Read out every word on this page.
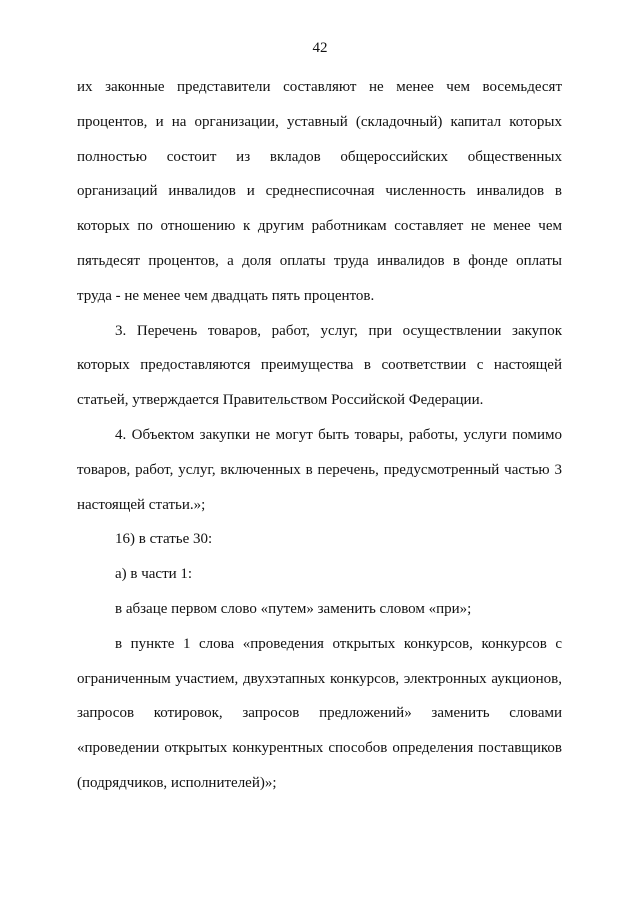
42
их законные представители составляют не менее чем восемьдесят
процентов, и на организации, уставный (складочный) капитал которых
полностью состоит из вкладов общероссийских общественных
организаций инвалидов и среднесписочная численность инвалидов в
которых по отношению к другим работникам составляет не менее чем
пятьдесят процентов, а доля оплаты труда инвалидов в фонде оплаты
труда - не менее чем двадцать пять процентов.
3. Перечень товаров, работ, услуг, при осуществлении закупок
которых предоставляются преимущества в соответствии с настоящей
статьей, утверждается Правительством Российской Федерации.
4. Объектом закупки не могут быть товары, работы, услуги помимо
товаров, работ, услуг, включенных в перечень, предусмотренный частью 3
настоящей статьи.»;
16) в статье 30:
а) в части 1:
в абзаце первом слово «путем» заменить словом «при»;
в пункте 1 слова «проведения открытых конкурсов, конкурсов с
ограниченным участием, двухэтапных конкурсов, электронных аукционов,
запросов котировок, запросов предложений» заменить словами
«проведении открытых конкурентных способов определения поставщиков
(подрядчиков, исполнителей)»;
